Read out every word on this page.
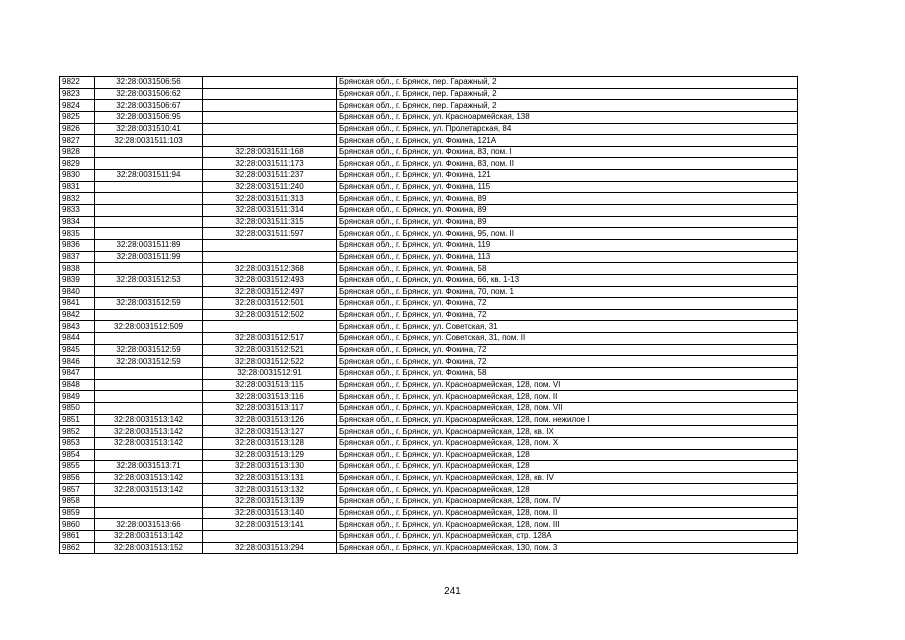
9822	32:28:0031506:56		Брянская обл., г. Брянск, пер. Гаражный, 2
9823	32:28:0031506:62		Брянская обл., г. Брянск, пер. Гаражный, 2
9824	32:28:0031506:67		Брянская обл., г. Брянск, пер. Гаражный, 2
9825	32:28:0031506:95		Брянская обл., г. Брянск, ул. Красноармейская, 138
9826	32:28:0031510:41		Брянская обл., г. Брянск, ул. Пролетарская, 84
9827	32:28:0031511:103		Брянская обл., г. Брянск, ул. Фокина, 121А
9828		32:28:0031511:168	Брянская обл., г. Брянск, ул. Фокина, 83, пом. I
9829		32:28:0031511:173	Брянская обл., г. Брянск, ул. Фокина, 83, пом. II
9830	32:28:0031511:94	32:28:0031511:237	Брянская обл., г. Брянск, ул. Фокина, 121
9831		32:28:0031511:240	Брянская обл., г. Брянск, ул. Фокина, 115
9832		32:28:0031511:313	Брянская обл., г. Брянск, ул. Фокина, 89
9833		32:28:0031511:314	Брянская обл., г. Брянск, ул. Фокина, 89
9834		32:28:0031511:315	Брянская обл., г. Брянск, ул. Фокина, 89
9835		32:28:0031511:597	Брянская обл., г. Брянск, ул. Фокина, 95, пом. II
9836	32:28:0031511:89		Брянская обл., г. Брянск, ул. Фокина, 119
9837	32:28:0031511:99		Брянская обл., г. Брянск, ул. Фокина, 113
9838		32:28:0031512:368	Брянская обл., г. Брянск, ул. Фокина, 58
9839	32:28:0031512:53	32:28:0031512:493	Брянская обл., г. Брянск, ул. Фокина, 66, кв. 1-13
9840		32:28:0031512:497	Брянская обл., г. Брянск, ул. Фокина, 70, пом. 1
9841	32:28:0031512:59	32:28:0031512:501	Брянская обл., г. Брянск, ул. Фокина, 72
9842		32:28:0031512:502	Брянская обл., г. Брянск, ул. Фокина, 72
9843	32:28:0031512:509		Брянская обл., г. Брянск, ул. Советская, 31
9844		32:28:0031512:517	Брянская обл., г. Брянск, ул. Советская, 31, пом. II
9845	32:28:0031512:59	32:28:0031512:521	Брянская обл., г. Брянск, ул. Фокина, 72
9846	32:28:0031512:59	32:28:0031512:522	Брянская обл., г. Брянск, ул. Фокина, 72
9847		32:28:0031512:91	Брянская обл., г. Брянск, ул. Фокина, 58
9848		32:28:0031513:115	Брянская обл., г. Брянск, ул. Красноармейская, 128, пом. VI
9849		32:28:0031513:116	Брянская обл., г. Брянск, ул. Красноармейская, 128, пом. II
9850		32:28:0031513:117	Брянская обл., г. Брянск, ул. Красноармейская, 128, пом. VII
9851	32:28:0031513:142	32:28:0031513:126	Брянская обл., г. Брянск, ул. Красноармейская, 128, пом. нежилое I
9852	32:28:0031513:142	32:28:0031513:127	Брянская обл., г. Брянск, ул. Красноармейская, 128, кв. IX
9853	32:28:0031513:142	32:28:0031513:128	Брянская обл., г. Брянск, ул. Красноармейская, 128, пом. X
9854		32:28:0031513:129	Брянская обл., г. Брянск, ул. Красноармейская, 128
9855	32:28:0031513:71	32:28:0031513:130	Брянская обл., г. Брянск, ул. Красноармейская, 128
9856	32:28:0031513:142	32:28:0031513:131	Брянская обл., г. Брянск, ул. Красноармейская, 128, кв. IV
9857	32:28:0031513:142	32:28:0031513:132	Брянская обл., г. Брянск, ул. Красноармейская, 128
9858		32:28:0031513:139	Брянская обл., г. Брянск, ул. Красноармейская, 128, пом. IV
9859		32:28:0031513:140	Брянская обл., г. Брянск, ул. Красноармейская, 128, пом. II
9860	32:28:0031513:66	32:28:0031513:141	Брянская обл., г. Брянск, ул. Красноармейская, 128, пом. III
9861	32:28:0031513:142		Брянская обл., г. Брянск, ул. Красноармейская, стр. 128А
9862	32:28:0031513:152	32:28:0031513:294	Брянская обл., г. Брянск, ул. Красноармейская, 130, пом. 3
241
